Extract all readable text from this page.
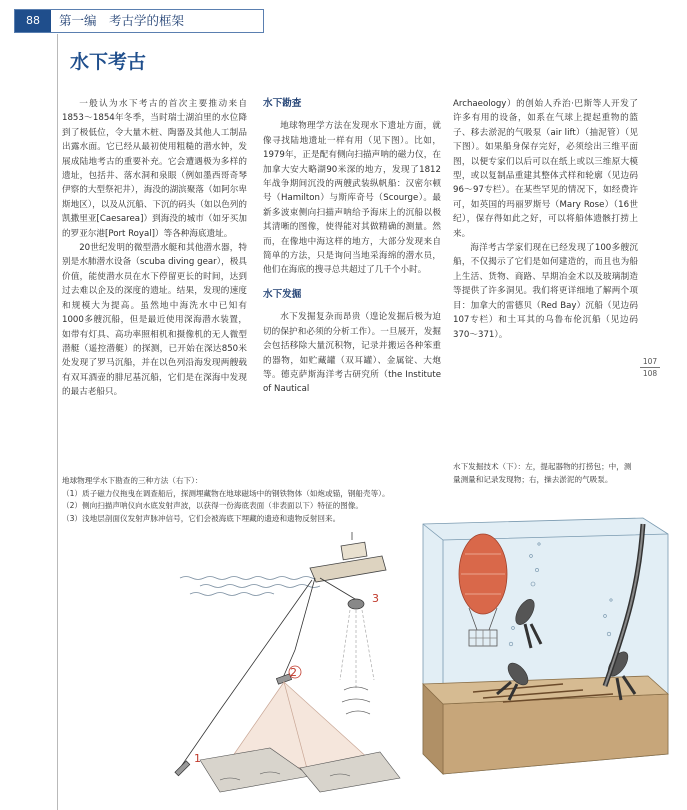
88	第一编　考古学的框架
水下考古

一般认为水下考古的首次主要推动来自1853～1854年冬季，当时瑞士湖泊里的水位降到了极低位，令大量木桩、陶器及其他人工制品出露水面。它已经从最初使用粗糙的潜水钟，发展成陆地考古的重要补充。它会遭遇极为多样的遗址，包括井、落水洞和泉眼（例如墨西哥奇琴伊察的大型祭祀井），海没的湖滨聚落（如阿尔卑斯地区），以及从沉船、下沉的码头（如以色列的凯撒里亚[Caesarea]）到海没的城市（如牙买加的罗亚尔港[Port Royal]）等各种海底遗址。

20世纪发明的微型潜水艇和其他潜水器，特别是水肺潜水设备（scuba diving gear），极具价值，能使潜水员在水下停留更长的时间，达到过去难以企及的深度的遗址。结果，发现的速度和规模大为提高。虽然地中海洗水中已知有1000多艘沉船，但是最近使用深海潜水装置，如带有灯具、高功率照相机和摄像机的无人微型潜艇（遥控潜艇）的探测，已开始在深达850米处发现了罗马沉船，并在以色列沿海发现两艘载有双耳酒壶的腓尼基沉船，它们是在深海中发现的最古老船只。

水下勘查

地球物理学方法在发现水下遗址方面，就像寻找陆地遗址一样有用（见下图）。比如，1979年，正是配有侧向扫描声呐的磁力仪，在加拿大安大略湖90米深的地方，发现了1812年战争期间沉没的两艘武装纵帆船：汉密尔顿号（Hamilton）与斯库奇号（Scourge）。最新多波束侧向扫描声呐给予海床上的沉船以极其清晰的图像，使得能对其做精确的测量。然而，在像地中海这样的地方，大部分发现来自简单的方法，只是询问当地采海绵的潜水员，他们在海底的搜寻总共超过了几千个小时。

水下发掘

水下发掘复杂而昂贵（遑论发掘后极为迫切的保护和必须的分析工作）。一旦展开，发掘会包括移除大量沉积物，记录并搬运各种笨重的器物，如贮藏罐（双耳罐）、金属锭、大炮等。德克萨斯海洋考古研究所（the Institute of Nautical

Archaeology）的创始人乔治·巴斯等人开发了许多有用的设备，如系在气球上提起重物的篮子、移去淤泥的气吸泵（air lift）（抽泥管）（见下图）。如果船身保存完好，必须绘出三维平面图，以便专家们以后可以在纸上或以三维原大模型，或以复制品重建其整体式样和轮廓（见边码96～97专栏）。在某些罕见的情况下，如经费许可，如英国的玛丽罗斯号（Mary Rose）（16世纪），保存得如此之好，可以将船体遗骸打捞上来。

海洋考古学家们现在已经发现了100多艘沉船，不仅揭示了它们是如何建造的，而且也为船上生活、货物、商路、早期冶金术以及玻璃制造等提供了许多洞见。我们将更详细地了解两个项目：加拿大的雷德贝（Red Bay）沉船（见边码107专栏）和土耳其的乌鲁布伦沉船（见边码370～371）。

107
108
地球物理学水下勘查的三种方法（右下）：
（1）质子磁力仪拖曳在调查船后，探测埋藏物在地球磁场中的钢铁物体（如炮或锚，钢船壳等）。
（2）侧向扫描声呐仪向水底发射声波，以获得一份海底表面（非表面以下）特征的图像。
（3）浅地层剖面仪发射声脉冲信号，它们会被海底下埋藏的遗迹和遗物反射回来。
水下发掘技术（下）：左，提起器物的打捞包；中，测量测量和记录发现物；右，操去淤泥的气吸泵。
1
2
3
